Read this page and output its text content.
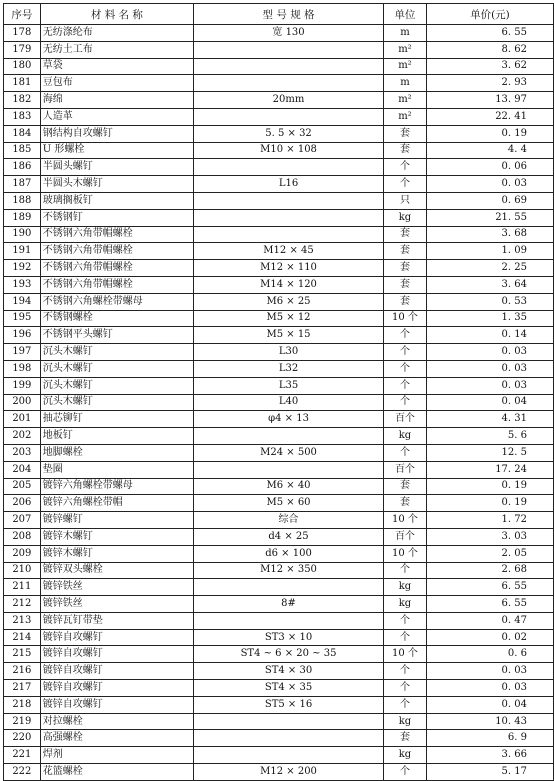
序号	材 料 名 称	型 号 规 格	单位	单价(元)
178	无纺涤纶布	宽 130	m	6. 55
179	无纺土工布		m²	8. 62
180	草袋		m²	3. 62
181	豆包布		m	2. 93
182	海绵	20mm	m²	13. 97
183	人造革		m²	22. 41
184	钢结构自攻螺钉	5. 5 × 32	套	0. 19
185	U 形螺栓	M10 × 108	套	4. 4
186	半圆头螺钉		个	0. 06
187	半圆头木螺钉	L16	个	0. 03
188	玻璃搁板钉		只	0. 69
189	不锈钢钉		kg	21. 55
190	不锈钢六角带帽螺栓		套	3. 68
191	不锈钢六角带帽螺栓	M12 × 45	套	1. 09
192	不锈钢六角带帽螺栓	M12 × 110	套	2. 25
193	不锈钢六角带帽螺栓	M14 × 120	套	3. 64
194	不锈钢六角螺栓带螺母	M6 × 25	套	0. 53
195	不锈钢螺栓	M5 × 12	10 个	1. 35
196	不锈钢平头螺钉	M5 × 15	个	0. 14
197	沉头木螺钉	L30	个	0. 03
198	沉头木螺钉	L32	个	0. 03
199	沉头木螺钉	L35	个	0. 03
200	沉头木螺钉	L40	个	0. 04
201	抽芯铆钉	φ4 × 13	百个	4. 31
202	地板钉		kg	5. 6
203	地脚螺栓	M24 × 500	个	12. 5
204	垫圈		百个	17. 24
205	镀锌六角螺栓带螺母	M6 × 40	套	0. 19
206	镀锌六角螺栓带帽	M5 × 60	套	0. 19
207	镀锌螺钉	综合	10 个	1. 72
208	镀锌木螺钉	d4 × 25	百个	3. 03
209	镀锌木螺钉	d6 × 100	10 个	2. 05
210	镀锌双头螺栓	M12 × 350	个	2. 68
211	镀锌铁丝		kg	6. 55
212	镀锌铁丝	8#	kg	6. 55
213	镀锌瓦钉带垫		个	0. 47
214	镀锌自攻螺钉	ST3 × 10	个	0. 02
215	镀锌自攻螺钉	ST4 ~ 6 × 20 ~ 35	10 个	0. 6
216	镀锌自攻螺钉	ST4 × 30	个	0. 03
217	镀锌自攻螺钉	ST4 × 35	个	0. 03
218	镀锌自攻螺钉	ST5 × 16	个	0. 04
219	对拉螺栓		kg	10. 43
220	高强螺栓		套	6. 9
221	焊剂		kg	3. 66
222	花篮螺栓	M12 × 200	个	5. 17
